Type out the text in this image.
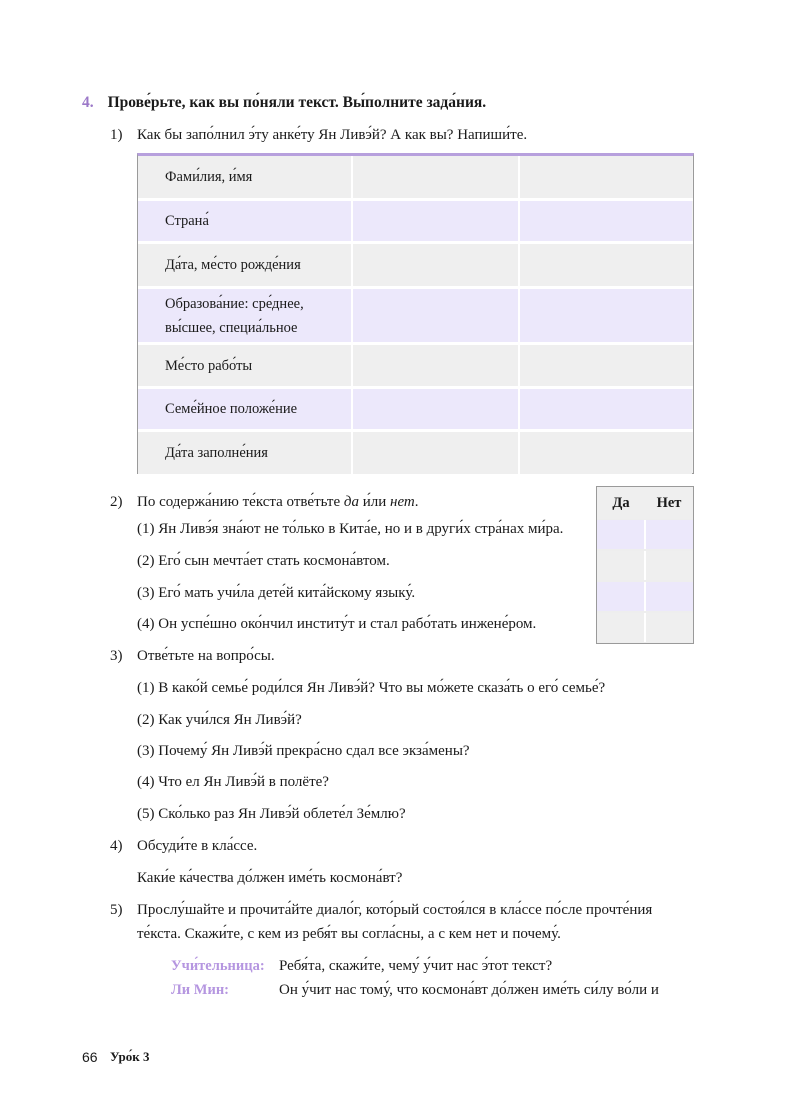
4. Прове́рьте, как вы по́няли текст. Вы́полните зада́ния.
1) Как бы запо́лнил э́ту анке́ту Ян Ливэ́й? А как вы? Напиши́те.
Фами́лия, и́мя
Страна́
Да́та, ме́сто рожде́ния
Образова́ние: сре́днее, вы́сшее, специа́льное
Ме́сто рабо́ты
Семе́йное положе́ние
Да́та заполне́ния
2) По содержа́нию те́кста отве́тьте да и́ли нет.
(1) Ян Ливэ́я зна́ют не то́лько в Кита́е, но и в други́х стра́нах ми́ра.
(2) Его́ сын мечта́ет стать космона́втом.
(3) Его́ мать учи́ла дете́й кита́йскому языку́.
(4) Он успе́шно око́нчил институ́т и стал рабо́тать инжене́ром.
Да	Нет
3) Отве́тьте на вопро́сы.
(1) В како́й семье́ роди́лся Ян Ливэ́й? Что вы мо́жете сказа́ть о его́ семье́?
(2) Как учи́лся Ян Ливэ́й?
(3) Почему́ Ян Ливэ́й прекра́сно сдал все экза́мены?
(4) Что ел Ян Ливэ́й в полёте?
(5) Ско́лько раз Ян Ливэ́й облете́л Зе́млю?
4) Обсуди́те в кла́ссе.
Каки́е ка́чества до́лжен име́ть космона́вт?
5) Прослу́шайте и прочита́йте диало́г, кото́рый состоя́лся в кла́ссе по́сле прочте́ния
те́кста. Скажи́те, с кем из ребя́т вы согла́сны, а с кем нет и почему́.
Учи́тельница: Ребя́та, скажи́те, чему́ у́чит нас э́тот текст?
Ли Мин:	Он у́чит нас тому́, что космона́вт до́лжен име́ть си́лу во́ли и
66 Уро́к 3
